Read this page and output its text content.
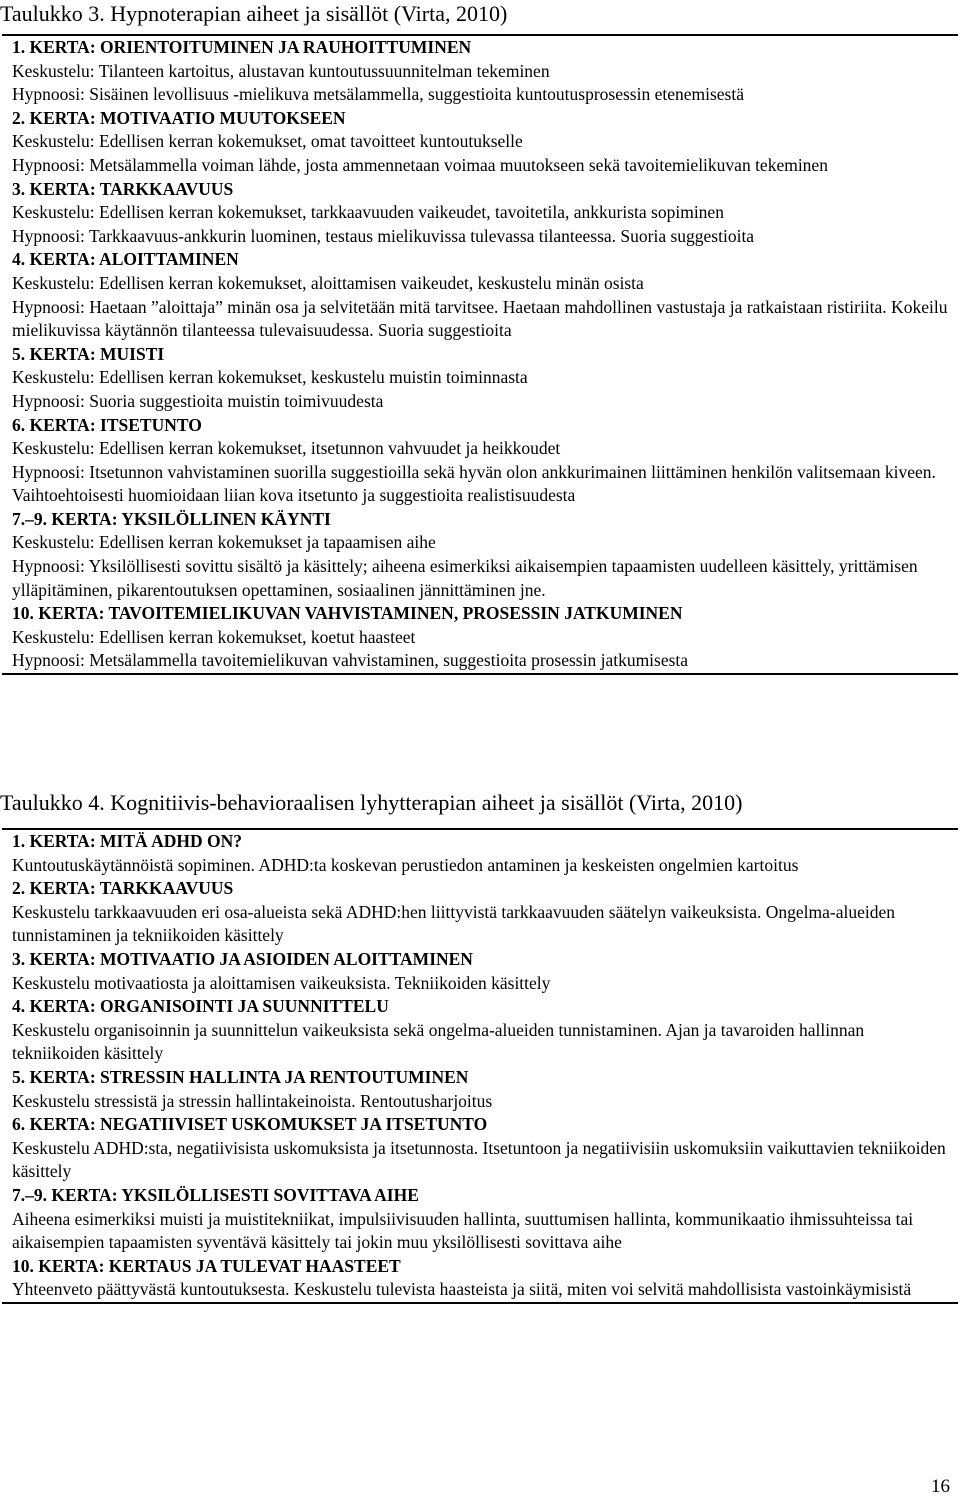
Taulukko 3. Hypnoterapian aiheet ja sisällöt (Virta, 2010)
1. KERTA: ORIENTOITUMINEN JA RAUHOITTUMINEN
Keskustelu: Tilanteen kartoitus, alustavan kuntoutussuunnitelman tekeminen
Hypnoosi: Sisäinen levollisuus -mielikuva metsälammella, suggestioita kuntoutusprosessin etenemisestä
2. KERTA: MOTIVAATIO MUUTOKSEEN
Keskustelu: Edellisen kerran kokemukset, omat tavoitteet kuntoutukselle
Hypnoosi: Metsälammella voiman lähde, josta ammennetaan voimaa muutokseen sekä tavoitemielikuvan tekeminen
3. KERTA: TARKKAAVUUS
Keskustelu: Edellisen kerran kokemukset, tarkkaavuuden vaikeudet, tavoitetila, ankkurista sopiminen
Hypnoosi: Tarkkaavuus-ankkurin luominen, testaus mielikuvissa tulevassa tilanteessa. Suoria suggestioita
4. KERTA: ALOITTAMINEN
Keskustelu: Edellisen kerran kokemukset, aloittamisen vaikeudet, keskustelu minän osista
Hypnoosi: Haetaan ”aloittaja” minän osa ja selvitetään mitä tarvitsee. Haetaan mahdollinen vastustaja ja ratkaistaan ristiriita. Kokeilu mielikuvissa käytännön tilanteessa tulevaisuudessa. Suoria suggestioita
5. KERTA: MUISTI
Keskustelu: Edellisen kerran kokemukset, keskustelu muistin toiminnasta
Hypnoosi: Suoria suggestioita muistin toimivuudesta
6. KERTA: ITSETUNTO
Keskustelu: Edellisen kerran kokemukset, itsetunnon vahvuudet ja heikkoudet
Hypnoosi: Itsetunnon vahvistaminen suorilla suggestioilla sekä hyvän olon ankkurimainen liittäminen henkilön valitsemaan kiveen. Vaihtoehtoisesti huomioidaan liian kova itsetunto ja suggestioita realistisuudesta
7.–9. KERTA: YKSILÖLLINEN KÄYNTI
Keskustelu: Edellisen kerran kokemukset ja tapaamisen aihe
Hypnoosi: Yksilöllisesti sovittu sisältö ja käsittely; aiheena esimerkiksi aikaisempien tapaamisten uudelleen käsittely, yrittämisen ylläpitäminen, pikarentoutuksen opettaminen, sosiaalinen jännittäminen jne.
10. KERTA: TAVOITEMIELIKUVAN VAHVISTAMINEN, PROSESSIN JATKUMINEN
Keskustelu: Edellisen kerran kokemukset, koetut haasteet
Hypnoosi: Metsälammella tavoitemielikuvan vahvistaminen, suggestioita prosessin jatkumisesta
Taulukko 4. Kognitiivis-behavioraalisen lyhytterapian aiheet ja sisällöt (Virta, 2010)
1. KERTA: MITÄ ADHD ON?
Kuntoutuskäytännöistä sopiminen. ADHD:ta koskevan perustiedon antaminen ja keskeisten ongelmien kartoitus
2. KERTA: TARKKAAVUUS
Keskustelu tarkkaavuuden eri osa-alueista sekä ADHD:hen liittyvistä tarkkaavuuden säätelyn vaikeuksista. Ongelma-alueiden tunnistaminen ja tekniikoiden käsittely
3. KERTA: MOTIVAATIO JA ASIOIDEN ALOITTAMINEN
Keskustelu motivaatiosta ja aloittamisen vaikeuksista. Tekniikoiden käsittely
4. KERTA: ORGANISOINTI JA SUUNNITTELU
Keskustelu organisoinnin ja suunnittelun vaikeuksista sekä ongelma-alueiden tunnistaminen. Ajan ja tavaroiden hallinnan tekniikoiden käsittely
5. KERTA: STRESSIN HALLINTA JA RENTOUTUMINEN
Keskustelu stressistä ja stressin hallintakeinoista. Rentoutusharjoitus
6. KERTA: NEGATIIVISET USKOMUKSET JA ITSETUNTO
Keskustelu ADHD:sta, negatiivisista uskomuksista ja itsetunnosta. Itsetuntoon ja negatiivisiin uskomuksiin vaikuttavien tekniikoiden käsittely
7.–9. KERTA: YKSILÖLLISESTI SOVITTAVA AIHE
Aiheena esimerkiksi muisti ja muistitekniikat, impulsiivisuuden hallinta, suuttumisen hallinta, kommunikaatio ihmissuhteissa tai aikaisempien tapaamisten syventävä käsittely tai jokin muu yksilöllisesti sovittava aihe
10. KERTA: KERTAUS JA TULEVAT HAASTEET
Yhteenveto päättyvästä kuntoutuksesta. Keskustelu tulevista haasteista ja siitä, miten voi selvitä mahdollisista vastoinkäymisistä
16
